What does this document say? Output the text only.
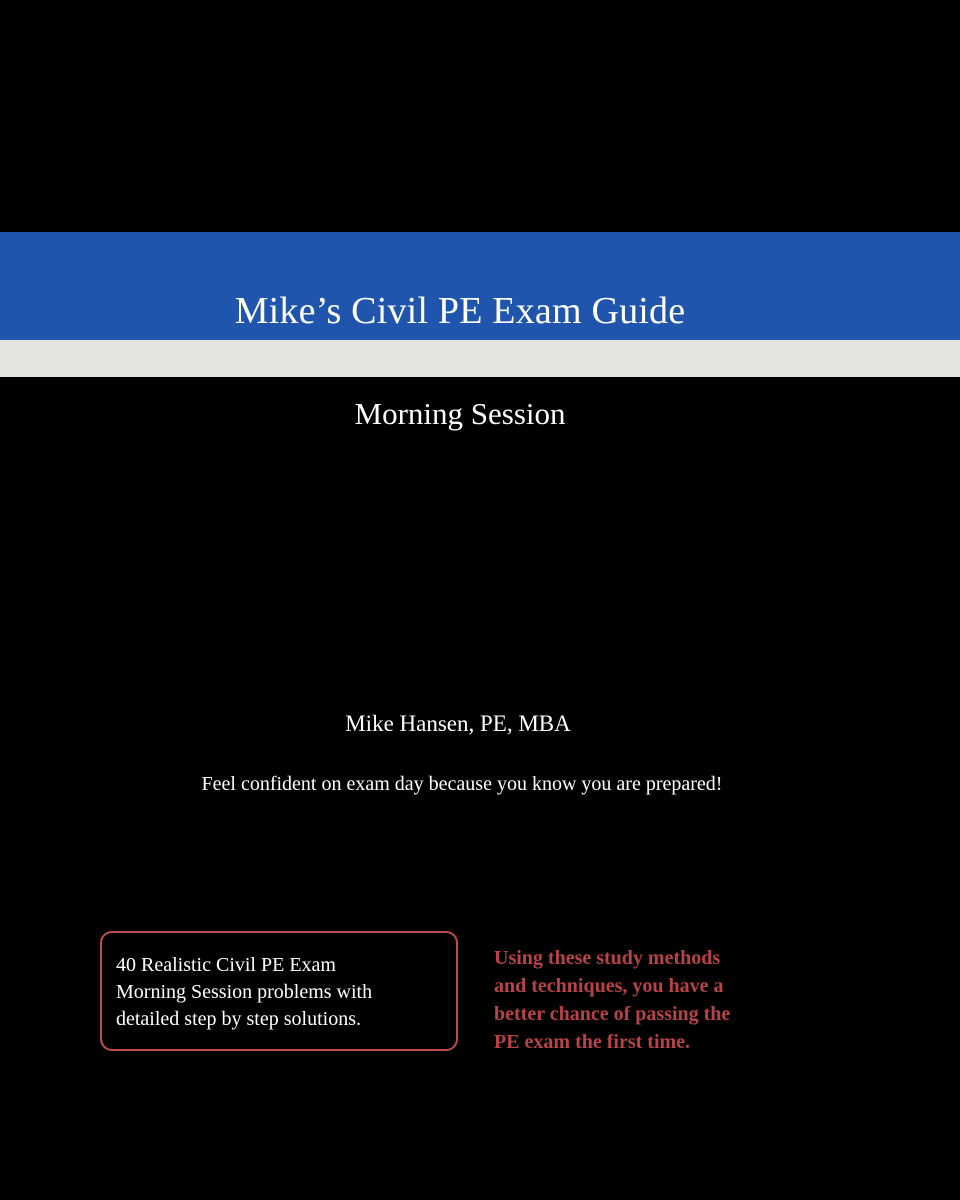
Mike’s Civil PE Exam Guide
Morning Session
Mike Hansen, PE, MBA
Feel confident on exam day because you know you are prepared!
40 Realistic Civil PE Exam
Morning Session problems with
detailed step by step solutions.
Using these study methods
and techniques, you have a
better chance of passing the
PE exam the first time.
